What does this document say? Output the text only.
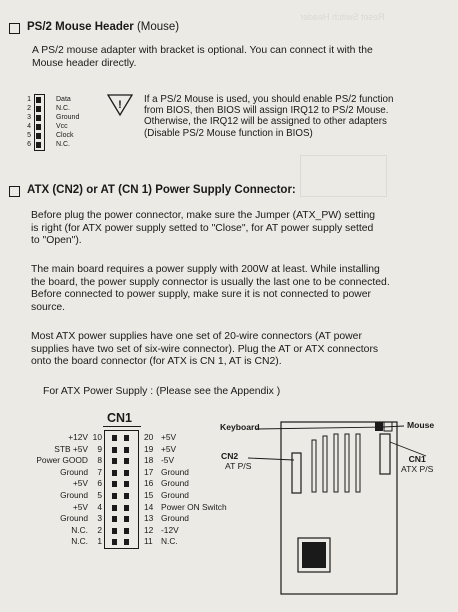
Reset Switch Header
PS/2 Mouse Header (Mouse)
A PS/2 mouse adapter with bracket is optional. You can connect it with the
Mouse header directly.
1
2
3
4
5
6
Data
N.C.
Ground
Vcc
Clock
N.C.
! If a PS/2 Mouse is used, you should enable PS/2 function
from BIOS, then BIOS will assign IRQ12 to PS/2 Mouse.
Otherwise, the IRQ12 will be assigned to other adapters
(Disable PS/2 Mouse function in BIOS)
ATX (CN2) or AT (CN 1) Power Supply Connector:
Before plug the power connector, make sure the Jumper (ATX_PW) setting
is right (for ATX power supply setted to "Close", for AT power supply setted
to "Open").
The main board requires a power supply with 200W at least. While installing
the board, the power supply connector is usually the last one to be connected.
Before connected to power supply, make sure it is not connected to power
source.
Most ATX power supplies have one set of 20-wire connectors (AT power
supplies have two set of six-wire connector). Plug the AT or ATX connectors
onto the board connector (for ATX is CN 1, AT is CN2).
For ATX Power Supply : (Please see the Appendix )
CN1
+12V
STB +5V
Power GOOD
Ground
+5V
Ground
+5V
Ground
N.C.
N.C.
10
9
8
7
6
5
4
3
2
1
20
19
18
17
16
15
14
13
12
11
+5V
+5V
-5V
Ground
Ground
Ground
Power ON Switch
Ground
-12V
N.C.
Keyboard	Mouse
CN2
AT P/S
CN1
ATX P/S
